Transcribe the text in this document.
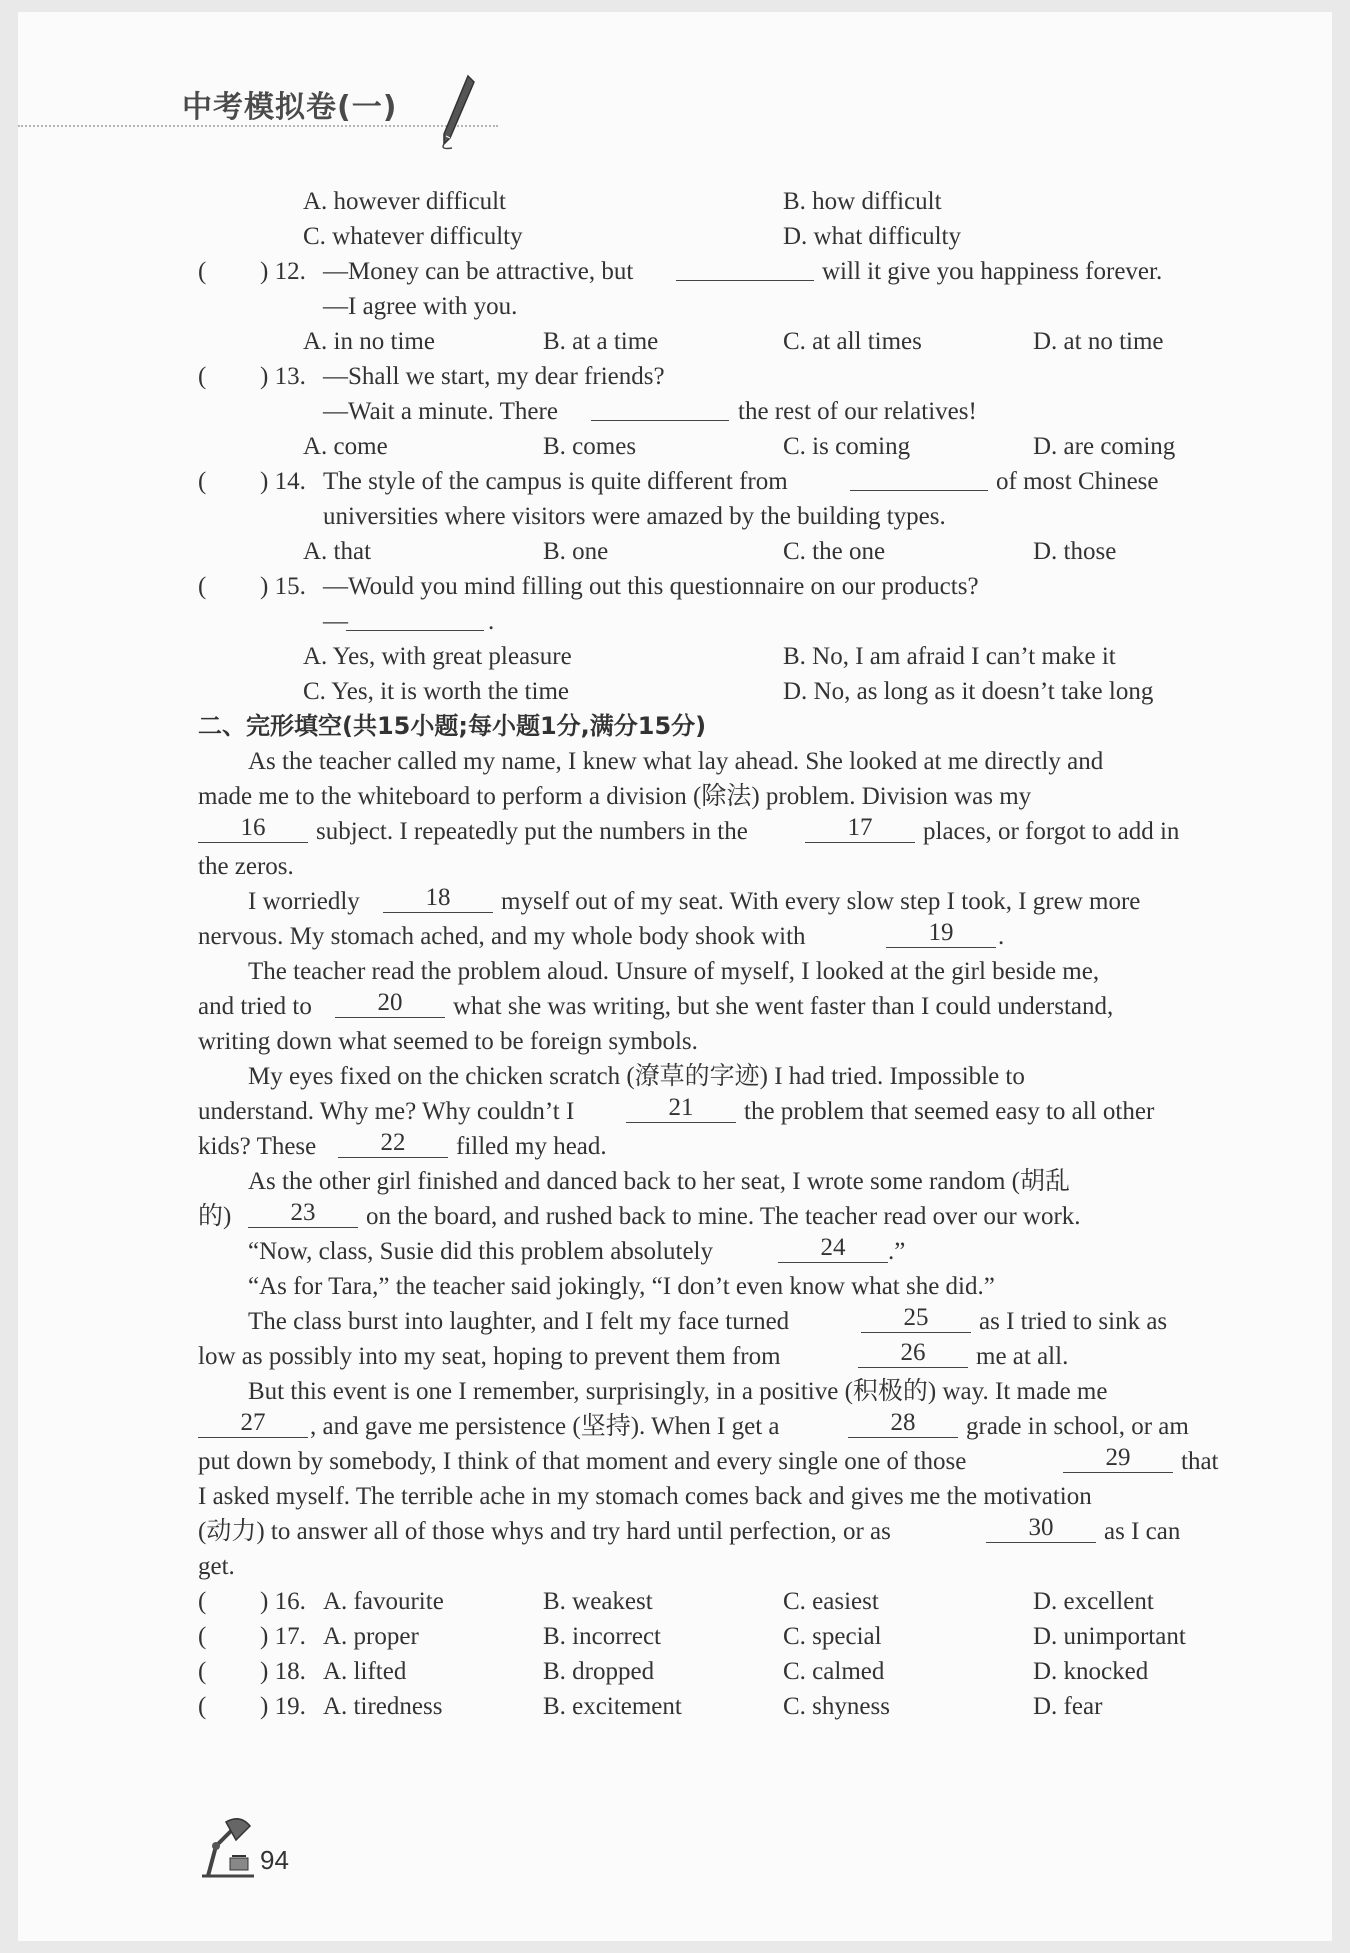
中考模拟卷(一)
A. however difficult	B. how difficult
C. whatever difficulty	D. what difficulty
( ) 12. —Money can be attractive, but	will it give you happiness forever.
—I agree with you.
A. in no time	B. at a time	C. at all times	D. at no time
( ) 13. —Shall we start, my dear friends?
—Wait a minute. There	the rest of our relatives!
A. come	B. comes	C. is coming	D. are coming
( ) 14. The style of the campus is quite different from	of most Chinese
universities where visitors were amazed by the building types.
A. that	B. one	C. the one	D. those
( ) 15. —Would you mind filling out this questionnaire on our products?
—	.
A. Yes, with great pleasure	B. No, I am afraid I can’t make it
C. Yes, it is worth the time	D. No, as long as it doesn’t take long
二、完形填空(共15小题;每小题1分,满分15分)
As the teacher called my name, I knew what lay ahead. She looked at me directly and
made me to the whiteboard to perform a division (除法) problem. Division was my
16	subject. I repeatedly put the numbers in the	17	places, or forgot to add in
the zeros.
I worriedly	18	myself out of my seat. With every slow step I took, I grew more
nervous. My stomach ached, and my whole body shook with	19	.
The teacher read the problem aloud. Unsure of myself, I looked at the girl beside me,
and tried to	20	what she was writing, but she went faster than I could understand,
writing down what seemed to be foreign symbols.
My eyes fixed on the chicken scratch (潦草的字迹) I had tried. Impossible to
understand. Why me? Why couldn’t I	21	the problem that seemed easy to all other
kids? These	22	filled my head.
As the other girl finished and danced back to her seat, I wrote some random (胡乱
的)	23	on the board, and rushed back to mine. The teacher read over our work.
“Now, class, Susie did this problem absolutely	24	.”
“As for Tara,” the teacher said jokingly, “I don’t even know what she did.”
The class burst into laughter, and I felt my face turned	25	as I tried to sink as
low as possibly into my seat, hoping to prevent them from	26	me at all.
But this event is one I remember, surprisingly, in a positive (积极的) way. It made me
27	, and gave me persistence (坚持). When I get a	28	grade in school, or am
put down by somebody, I think of that moment and every single one of those	29	that
I asked myself. The terrible ache in my stomach comes back and gives me the motivation
(动力) to answer all of those whys and try hard until perfection, or as	30	as I can
get.
( ) 16. A. favourite	B. weakest	C. easiest	D. excellent
( ) 17. A. proper	B. incorrect	C. special	D. unimportant
( ) 18. A. lifted	B. dropped	C. calmed	D. knocked
( ) 19. A. tiredness	B. excitement	C. shyness	D. fear
94
